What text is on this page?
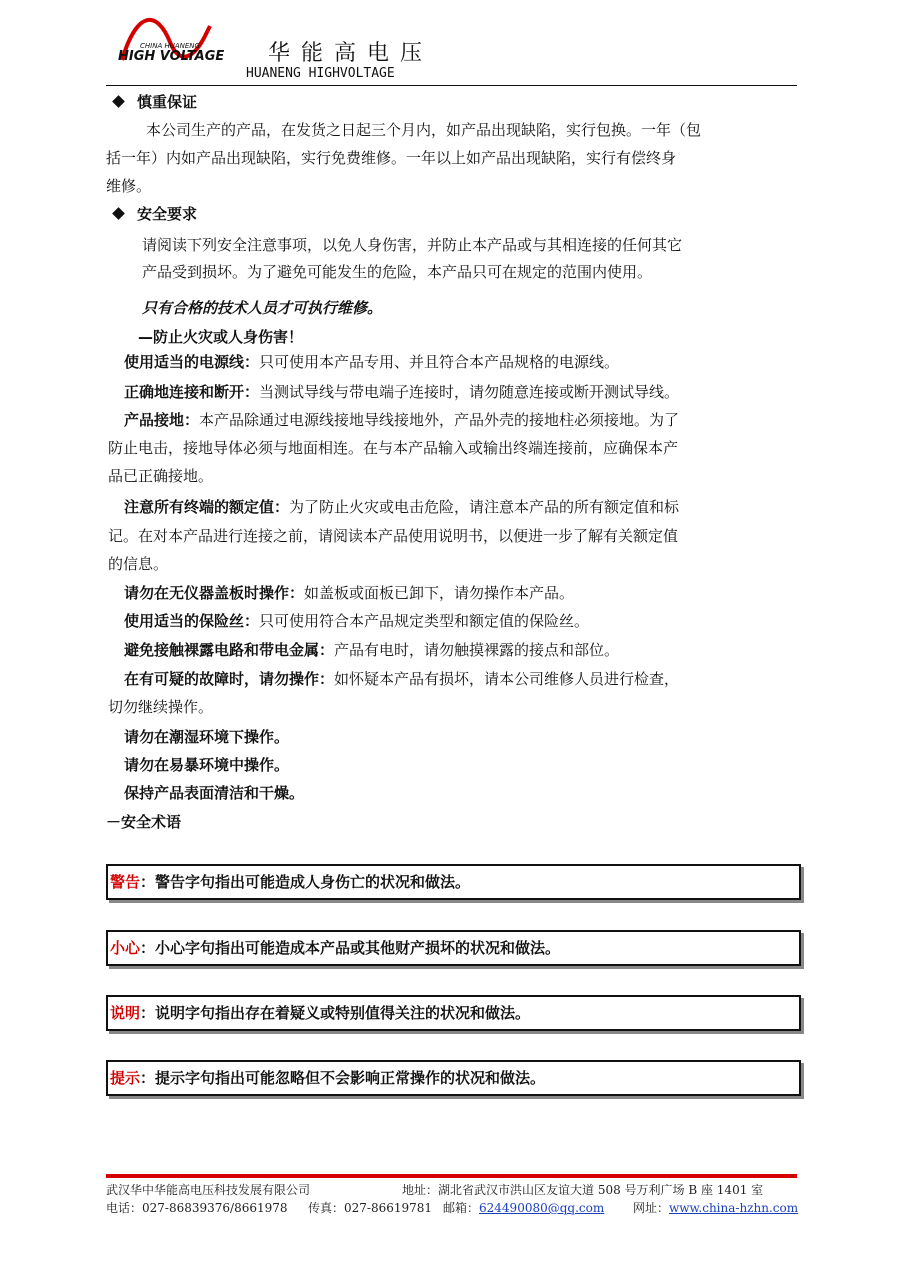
CHINA HUANENG
HIGH VOLTAGE 华 能 高 电 压
HUANENG HIGHVOLTAGE
慎重保证
本公司生产的产品，在发货之日起三个月内，如产品出现缺陷，实行包换。一年（包
括一年）内如产品出现缺陷，实行免费维修。一年以上如产品出现缺陷，实行有偿终身
维修。
安全要求
请阅读下列安全注意事项，以免人身伤害，并防止本产品或与其相连接的任何其它
产品受到损坏。为了避免可能发生的危险，本产品只可在规定的范围内使用。
只有合格的技术人员才可执行维修。
—防止火灾或人身伤害！
使用适当的电源线：只可使用本产品专用、并且符合本产品规格的电源线。
正确地连接和断开：当测试导线与带电端子连接时，请勿随意连接或断开测试导线。
产品接地：本产品除通过电源线接地导线接地外，产品外壳的接地柱必须接地。为了
防止电击，接地导体必须与地面相连。在与本产品输入或输出终端连接前，应确保本产
品已正确接地。
注意所有终端的额定值：为了防止火灾或电击危险，请注意本产品的所有额定值和标
记。在对本产品进行连接之前，请阅读本产品使用说明书，以便进一步了解有关额定值
的信息。
请勿在无仪器盖板时操作：如盖板或面板已卸下，请勿操作本产品。
使用适当的保险丝：只可使用符合本产品规定类型和额定值的保险丝。
避免接触裸露电路和带电金属：产品有电时，请勿触摸裸露的接点和部位。
在有可疑的故障时，请勿操作：如怀疑本产品有损坏，请本公司维修人员进行检查，
切勿继续操作。
请勿在潮湿环境下操作。
请勿在易暴环境中操作。
保持产品表面清洁和干燥。
－安全术语
警告：警告字句指出可能造成人身伤亡的状况和做法。
小心：小心字句指出可能造成本产品或其他财产损坏的状况和做法。
说明：说明字句指出存在着疑义或特别值得关注的状况和做法。
提示：提示字句指出可能忽略但不会影响正常操作的状况和做法。
武汉华中华能高电压科技发展有限公司	地址：湖北省武汉市洪山区友谊大道 508 号万利广场 B 座 1401 室
电话：027-86839376/8661978 传真：027-86619781 邮箱：624490080@qq.com 网址：www.china-hzhn.com
